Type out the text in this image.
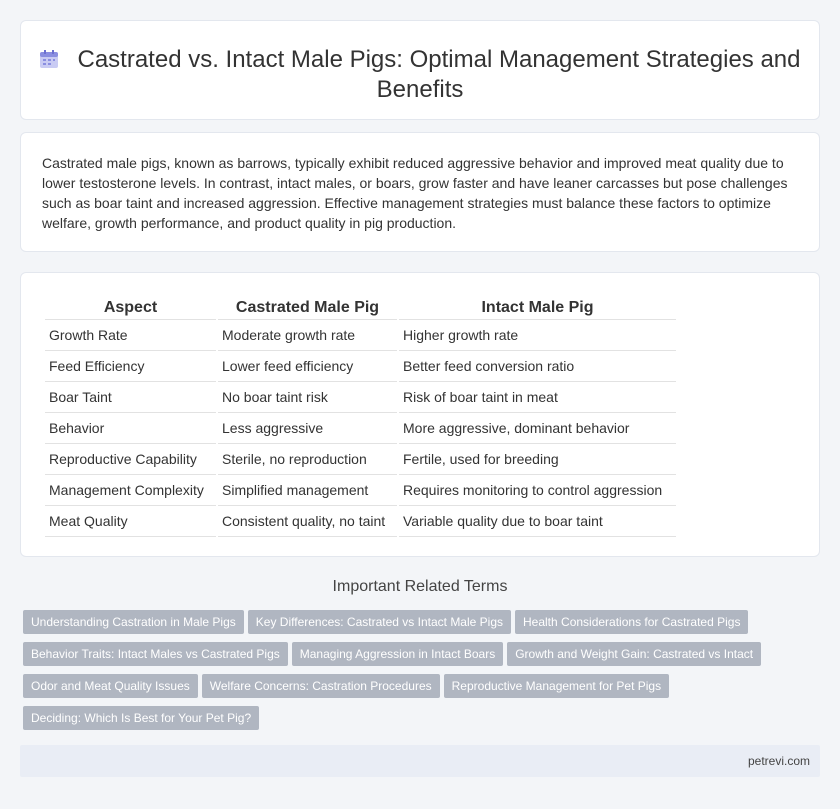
Castrated vs. Intact Male Pigs: Optimal Management Strategies and Benefits
Castrated male pigs, known as barrows, typically exhibit reduced aggressive behavior and improved meat quality due to lower testosterone levels. In contrast, intact males, or boars, grow faster and have leaner carcasses but pose challenges such as boar taint and increased aggression. Effective management strategies must balance these factors to optimize welfare, growth performance, and product quality in pig production.
Aspect	Castrated Male Pig	Intact Male Pig
Growth Rate	Moderate growth rate	Higher growth rate
Feed Efficiency	Lower feed efficiency	Better feed conversion ratio
Boar Taint	No boar taint risk	Risk of boar taint in meat
Behavior	Less aggressive	More aggressive, dominant behavior
Reproductive Capability	Sterile, no reproduction	Fertile, used for breeding
Management Complexity	Simplified management	Requires monitoring to control aggression
Meat Quality	Consistent quality, no taint	Variable quality due to boar taint
Important Related Terms
Understanding Castration in Male Pigs Key Differences: Castrated vs Intact Male Pigs Health Considerations for Castrated Pigs
Behavior Traits: Intact Males vs Castrated Pigs Managing Aggression in Intact Boars Growth and Weight Gain: Castrated vs Intact
Odor and Meat Quality Issues Welfare Concerns: Castration Procedures Reproductive Management for Pet Pigs
Deciding: Which Is Best for Your Pet Pig?
petrevi.com
